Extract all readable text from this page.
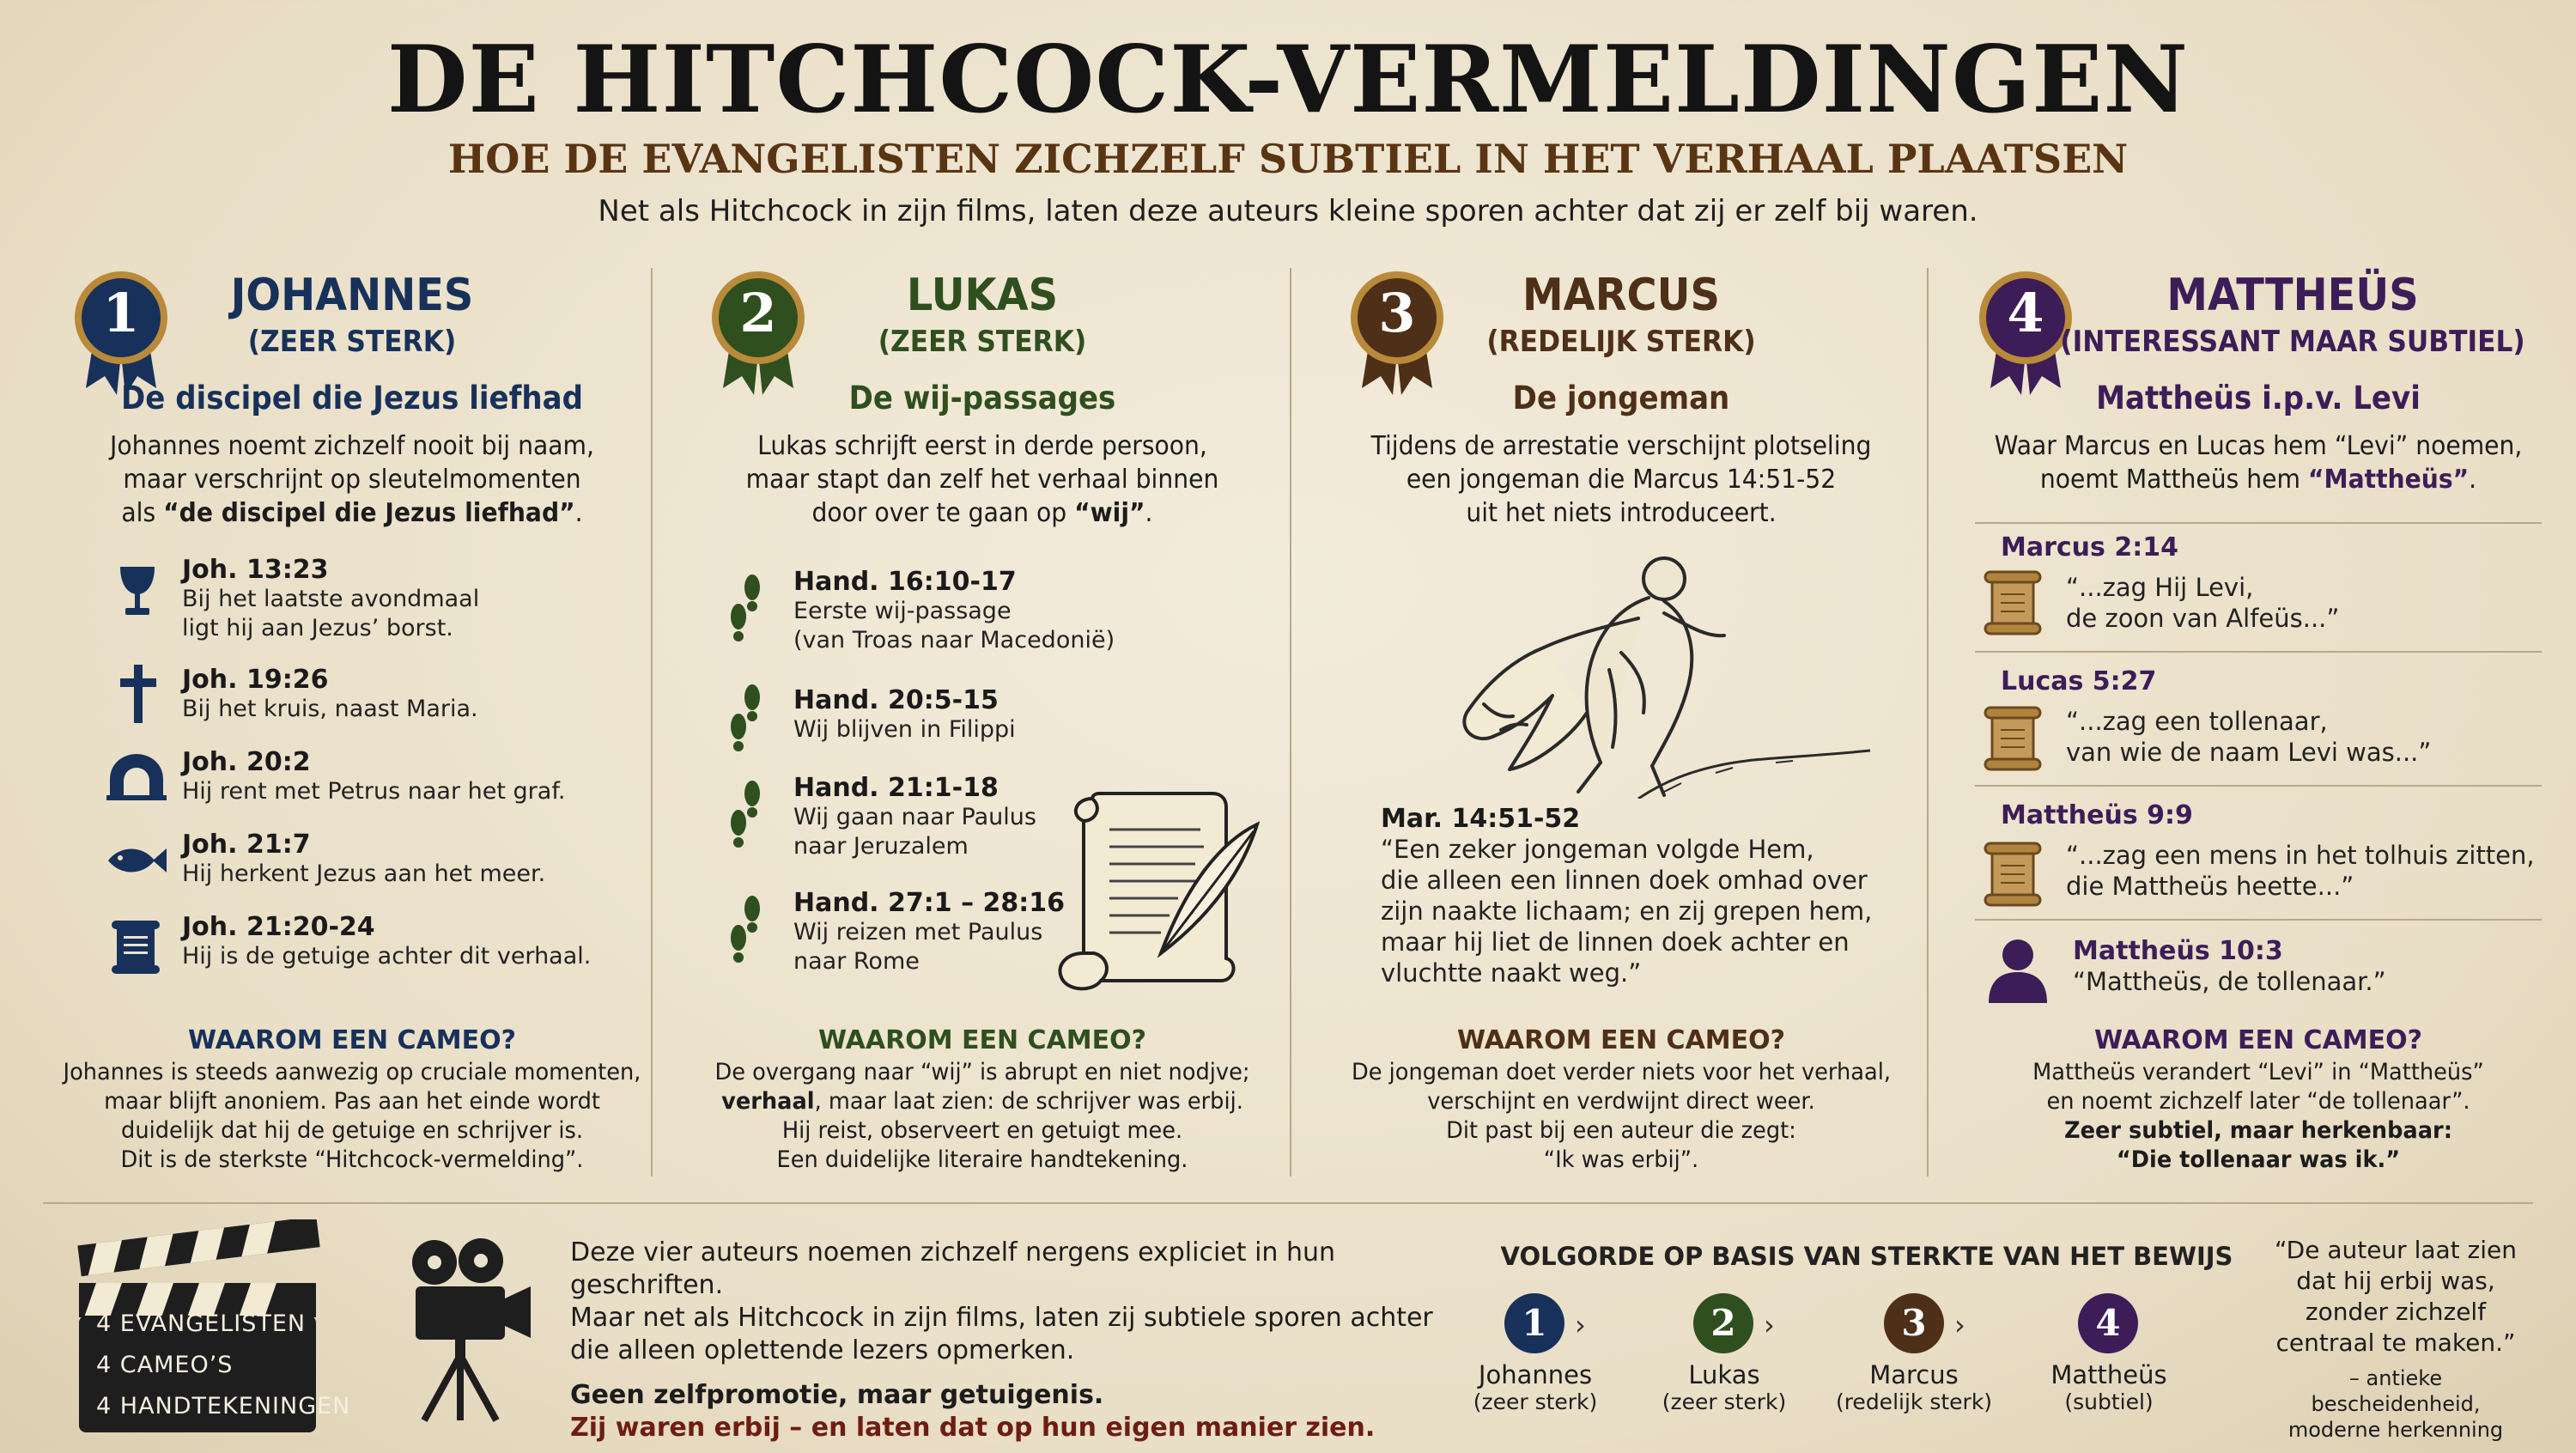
DE HITCHCOCK-VERMELDINGEN
HOE DE EVANGELISTEN ZICHZELF SUBTIEL IN HET VERHAAL PLAATSEN
Net als Hitchcock in zijn films, laten deze auteurs kleine sporen achter dat zij er zelf bij waren.
1	JOHANNES
(ZEER STERK)
De discipel die Jezus liefhad
Johannes noemt zichzelf nooit bij naam,
maar verschrijnt op sleutelmomenten
als “de discipel die Jezus liefhad”.
Joh. 13:23
Bij het laatste avondmaal
ligt hij aan Jezus’ borst.
Joh. 19:26
Bij het kruis, naast Maria.
Joh. 20:2
Hij rent met Petrus naar het graf.
Joh. 21:7
Hij herkent Jezus aan het meer.
Joh. 21:20-24
Hij is de getuige achter dit verhaal.
WAAROM EEN CAMEO?
Johannes is steeds aanwezig op cruciale momenten,
maar blijft anoniem. Pas aan het einde wordt
duidelijk dat hij de getuige en schrijver is.
Dit is de sterkste “Hitchcock-vermelding”.
2	LUKAS
(ZEER STERK)
De wij-passages
Lukas schrijft eerst in derde persoon,
maar stapt dan zelf het verhaal binnen
door over te gaan op “wij”.
Hand. 16:10-17
Eerste wij-passage
(van Troas naar Macedonië)
Hand. 20:5-15
Wij blijven in Filippi
Hand. 21:1-18
Wij gaan naar Paulus
naar Jeruzalem
Hand. 27:1 – 28:16
Wij reizen met Paulus
naar Rome
WAAROM EEN CAMEO?
De overgang naar “wij” is abrupt en niet nodjve;
verhaal, maar laat zien: de schrijver was erbij.
Hij reist, observeert en getuigt mee.
Een duidelijke literaire handtekening.
3	MARCUS
(REDELIJK STERK)
De jongeman
Tijdens de arrestatie verschijnt plotseling
een jongeman die Marcus 14:51-52
uit het niets introduceert.
Mar. 14:51-52
“Een zeker jongeman volgde Hem,
die alleen een linnen doek omhad over
zijn naakte lichaam; en zij grepen hem,
maar hij liet de linnen doek achter en
vluchtte naakt weg.”
WAAROM EEN CAMEO?
De jongeman doet verder niets voor het verhaal,
verschijnt en verdwijnt direct weer.
Dit past bij een auteur die zegt:
“Ik was erbij”.
4	MATTHEÜS
(INTERESSANT MAAR SUBTIEL)
Mattheüs i.p.v. Levi
Waar Marcus en Lucas hem “Levi” noemen,
noemt Mattheüs hem “Mattheüs”.
Marcus 2:14
“...zag Hij Levi,
de zoon van Alfeüs...”
Lucas 5:27
“...zag een tollenaar,
van wie de naam Levi was...”
Mattheüs 9:9
“...zag een mens in het tolhuis zitten,
die Mattheüs heette...”
Mattheüs 10:3
“Mattheüs, de tollenaar.”
WAAROM EEN CAMEO?
Mattheüs verandert “Levi” in “Mattheüs”
en noemt zichzelf later “de tollenaar”.
Zeer subtiel, maar herkenbaar:
“Die tollenaar was ik.”
4 EVANGELISTEN
4 CAMEO’S
4 HANDTEKENINGEN
Deze vier auteurs noemen zichzelf nergens expliciet in hun geschriften.
Maar net als Hitchcock in zijn films, laten zij subtiele sporen achter
die alleen oplettende lezers opmerken.
Geen zelfpromotie, maar getuigenis.
Zij waren erbij – en laten dat op hun eigen manier zien.
VOLGORDE OP BASIS VAN STERKTE VAN HET BEWIJS
1	›	2	›	3	›	4
Johannes
(zeer sterk)
Lukas
(zeer sterk)
Marcus
(redelijk sterk)
Mattheüs
(subtiel)
“De auteur laat zien
dat hij erbij was,
zonder zichzelf
centraal te maken.”
– antieke bescheidenheid,
moderne herkenning
